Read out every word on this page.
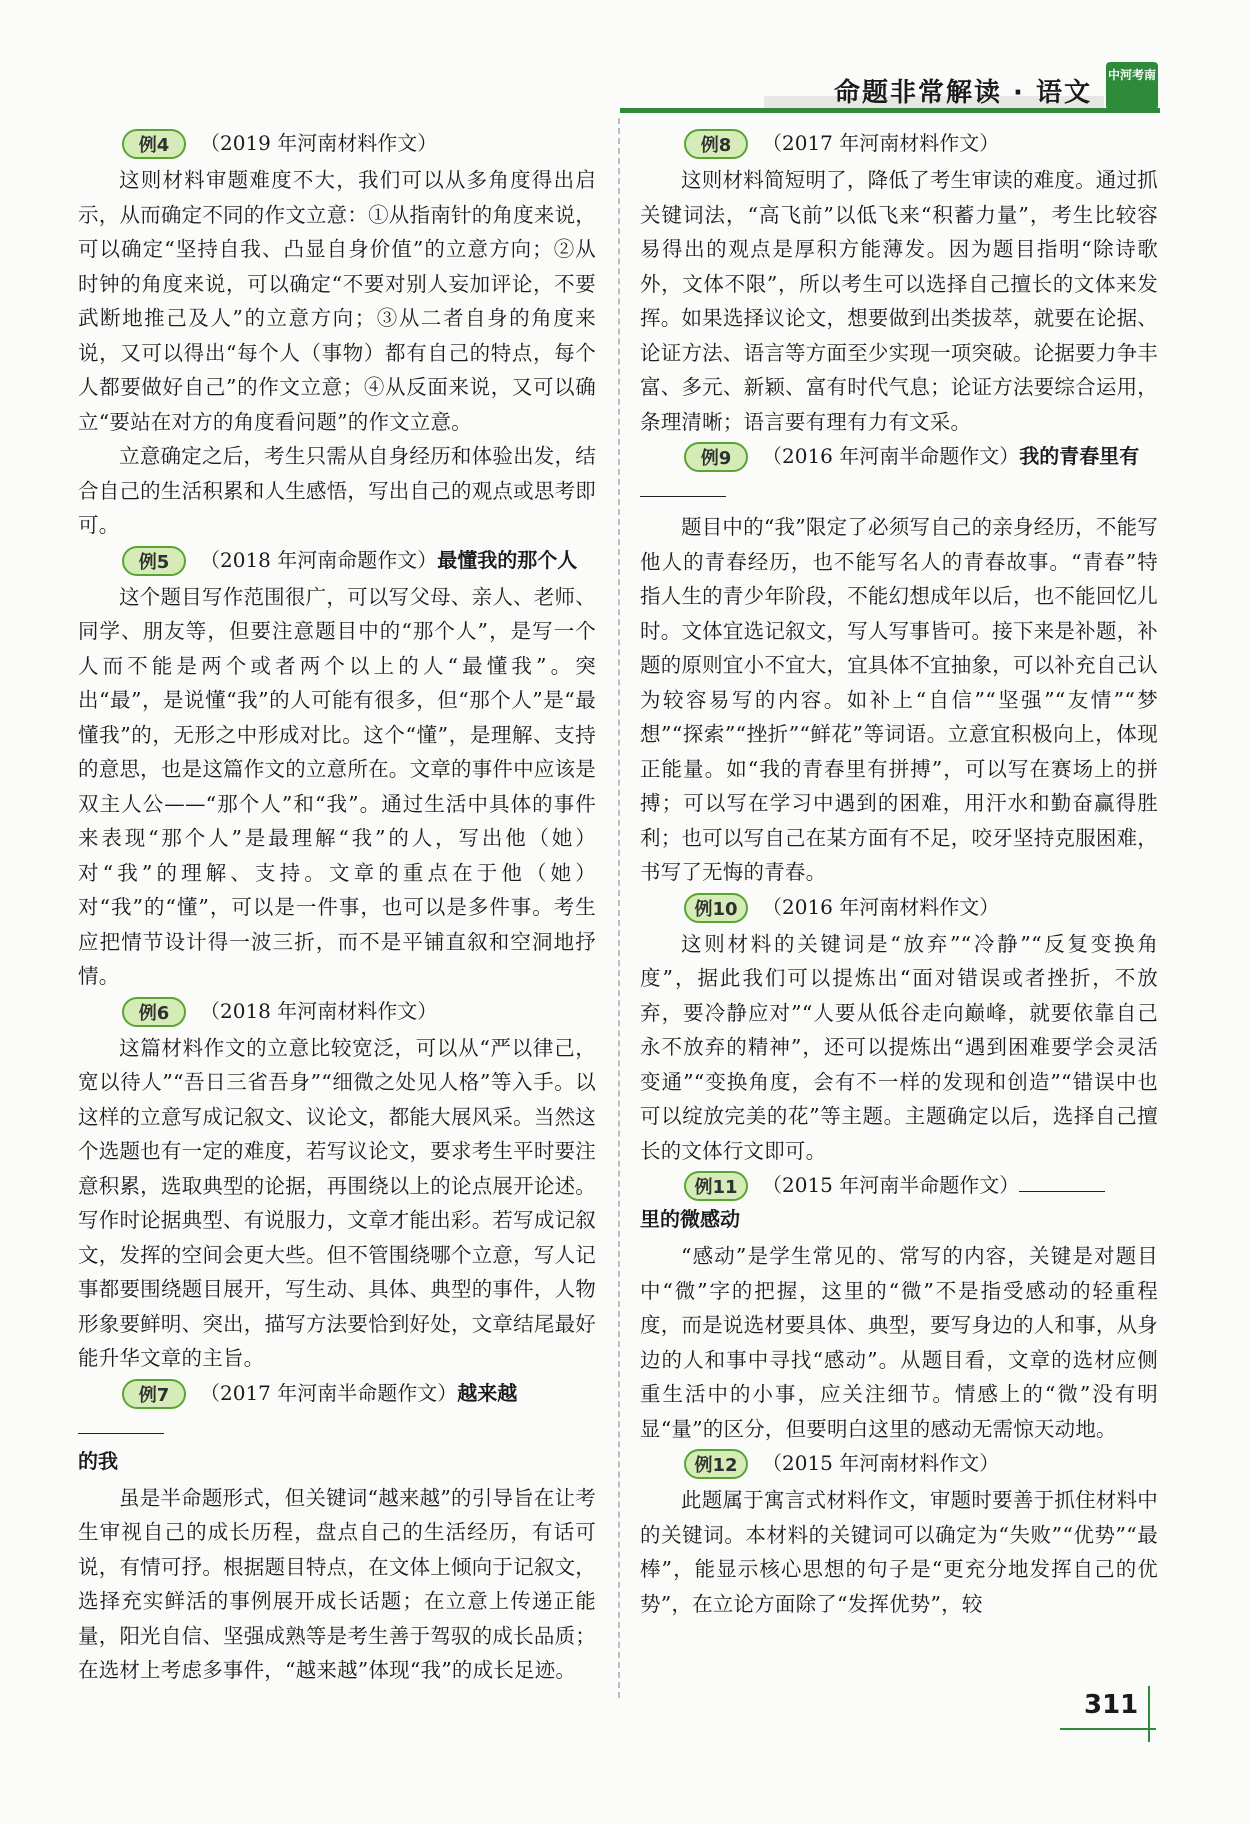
命题非常解读 · 语文
中河考南
例4 （2019 年河南材料作文）

这则材料审题难度不大，我们可以从多角度得出启示，从而确定不同的作文立意：①从指南针的角度来说，可以确定“坚持自我、凸显自身价值”的立意方向；②从时钟的角度来说，可以确定“不要对别人妄加评论，不要武断地推己及人”的立意方向；③从二者自身的角度来说，又可以得出“每个人（事物）都有自己的特点，每个人都要做好自己”的作文立意；④从反面来说，又可以确立“要站在对方的角度看问题”的作文立意。

立意确定之后，考生只需从自身经历和体验出发，结合自己的生活积累和人生感悟，写出自己的观点或思考即可。

例5 （2018 年河南命题作文）最懂我的那个人

这个题目写作范围很广，可以写父母、亲人、老师、同学、朋友等，但要注意题目中的“那个人”，是写一个人而不能是两个或者两个以上的人“最懂我”。突出“最”，是说懂“我”的人可能有很多，但“那个人”是“最懂我”的，无形之中形成对比。这个“懂”，是理解、支持的意思，也是这篇作文的立意所在。文章的事件中应该是双主人公——“那个人”和“我”。通过生活中具体的事件来表现“那个人”是最理解“我”的人，写出他（她）对“我”的理解、支持。文章的重点在于他（她）对“我”的“懂”，可以是一件事，也可以是多件事。考生应把情节设计得一波三折，而不是平铺直叙和空洞地抒情。

例6 （2018 年河南材料作文）

这篇材料作文的立意比较宽泛，可以从“严以律己，宽以待人”“吾日三省吾身”“细微之处见人格”等入手。以这样的立意写成记叙文、议论文，都能大展风采。当然这个选题也有一定的难度，若写议论文，要求考生平时要注意积累，选取典型的论据，再围绕以上的论点展开论述。写作时论据典型、有说服力，文章才能出彩。若写成记叙文，发挥的空间会更大些。但不管围绕哪个立意，写人记事都要围绕题目展开，写生动、具体、典型的事件，人物形象要鲜明、突出，描写方法要恰到好处，文章结尾最好能升华文章的主旨。

例7 （2017 年河南半命题作文）越来越
的我

虽是半命题形式，但关键词“越来越”的引导旨在让考生审视自己的成长历程，盘点自己的生活经历，有话可说，有情可抒。根据题目特点，在文体上倾向于记叙文，选择充实鲜活的事例展开成长话题；在立意上传递正能量，阳光自信、坚强成熟等是考生善于驾驭的成长品质；在选材上考虑多事件，“越来越”体现“我”的成长足迹。

例8 （2017 年河南材料作文）

这则材料简短明了，降低了考生审读的难度。通过抓关键词法，“高飞前”以低飞来“积蓄力量”，考生比较容易得出的观点是厚积方能薄发。因为题目指明“除诗歌外，文体不限”，所以考生可以选择自己擅长的文体来发挥。如果选择议论文，想要做到出类拔萃，就要在论据、论证方法、语言等方面至少实现一项突破。论据要力争丰富、多元、新颖、富有时代气息；论证方法要综合运用，条理清晰；语言要有理有力有文采。

例9 （2016 年河南半命题作文）我的青春里有

题目中的“我”限定了必须写自己的亲身经历，不能写他人的青春经历，也不能写名人的青春故事。“青春”特指人生的青少年阶段，不能幻想成年以后，也不能回忆儿时。文体宜选记叙文，写人写事皆可。接下来是补题，补题的原则宜小不宜大，宜具体不宜抽象，可以补充自己认为较容易写的内容。如补上“自信”“坚强”“友情”“梦想”“探索”“挫折”“鲜花”等词语。立意宜积极向上，体现正能量。如“我的青春里有拼搏”，可以写在赛场上的拼搏；可以写在学习中遇到的困难，用汗水和勤奋赢得胜利；也可以写自己在某方面有不足，咬牙坚持克服困难，书写了无悔的青春。

例10 （2016 年河南材料作文）

这则材料的关键词是“放弃”“冷静”“反复变换角度”，据此我们可以提炼出“面对错误或者挫折，不放弃，要冷静应对”“人要从低谷走向巅峰，就要依靠自己永不放弃的精神”，还可以提炼出“遇到困难要学会灵活变通”“变换角度，会有不一样的发现和创造”“错误中也可以绽放完美的花”等主题。主题确定以后，选择自己擅长的文体行文即可。

例11 （2015 年河南半命题作文）
里的微感动

“感动”是学生常见的、常写的内容，关键是对题目中“微”字的把握，这里的“微”不是指受感动的轻重程度，而是说选材要具体、典型，要写身边的人和事，从身边的人和事中寻找“感动”。从题目看，文章的选材应侧重生活中的小事，应关注细节。情感上的“微”没有明显“量”的区分，但要明白这里的感动无需惊天动地。

例12 （2015 年河南材料作文）

此题属于寓言式材料作文，审题时要善于抓住材料中的关键词。本材料的关键词可以确定为“失败”“优势”“最棒”，能显示核心思想的句子是“更充分地发挥自己的优势”，在立论方面除了“发挥优势”，较

311
